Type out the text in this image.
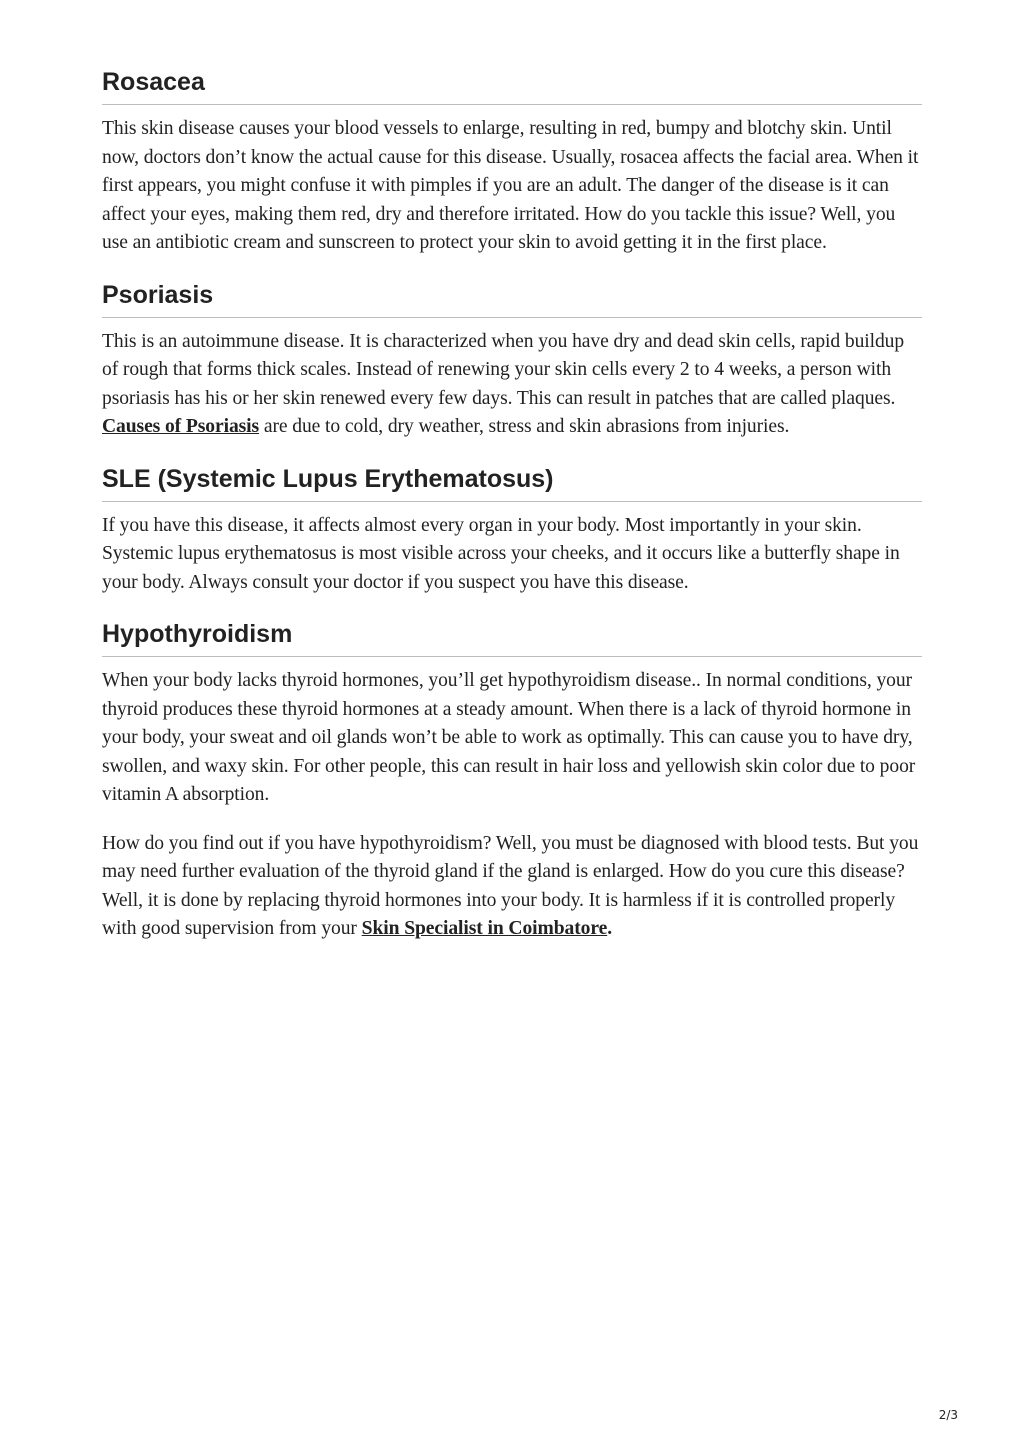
Rosacea

This skin disease causes your blood vessels to enlarge, resulting in red, bumpy and blotchy skin. Until now, doctors don’t know the actual cause for this disease. Usually, rosacea affects the facial area. When it first appears, you might confuse it with pimples if you are an adult. The danger of the disease is it can affect your eyes, making them red, dry and therefore irritated. How do you tackle this issue? Well, you use an antibiotic cream and sunscreen to protect your skin to avoid getting it in the first place.

Psoriasis

This is an autoimmune disease. It is characterized when you have dry and dead skin cells, rapid buildup of rough that forms thick scales. Instead of renewing your skin cells every 2 to 4 weeks, a person with psoriasis has his or her skin renewed every few days. This can result in patches that are called plaques. Causes of Psoriasis are due to cold, dry weather, stress and skin abrasions from injuries.

SLE (Systemic Lupus Erythematosus)

If you have this disease, it affects almost every organ in your body. Most importantly in your skin. Systemic lupus erythematosus is most visible across your cheeks, and it occurs like a butterfly shape in your body. Always consult your doctor if you suspect you have this disease.

Hypothyroidism

When your body lacks thyroid hormones, you’ll get hypothyroidism disease.. In normal conditions, your thyroid produces these thyroid hormones at a steady amount. When there is a lack of thyroid hormone in your body, your sweat and oil glands won’t be able to work as optimally. This can cause you to have dry, swollen, and waxy skin. For other people, this can result in hair loss and yellowish skin color due to poor vitamin A absorption.

How do you find out if you have hypothyroidism? Well, you must be diagnosed with blood tests. But you may need further evaluation of the thyroid gland if the gland is enlarged. How do you cure this disease? Well, it is done by replacing thyroid hormones into your body. It is harmless if it is controlled properly with good supervision from your Skin Specialist in Coimbatore.

2/3
